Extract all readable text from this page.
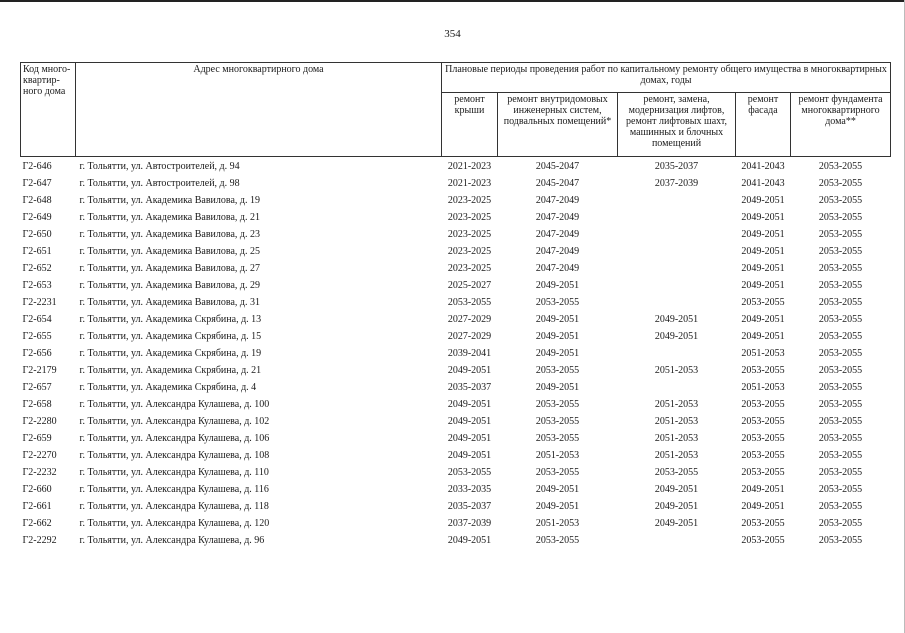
354
Код много-квартир-ного дома	Адрес многоквартирного дома	Плановые периоды проведения работ по капитальному ремонту общего имущества в многоквартирных домах, годы				
		ремонт крыши	ремонт внутридомовых инженерных систем, подвальных помещений*	ремонт, замена, модернизация лифтов, ремонт лифтовых шахт, машинных и блочных помещений	ремонт фасада	ремонт фундамента многоквартирного дома**
Г2-646	г. Тольятти, ул. Автостроителей, д. 94	2021-2023	2045-2047	2035-2037	2041-2043	2053-2055
Г2-647	г. Тольятти, ул. Автостроителей, д. 98	2021-2023	2045-2047	2037-2039	2041-2043	2053-2055
Г2-648	г. Тольятти, ул. Академика Вавилова, д. 19	2023-2025	2047-2049		2049-2051	2053-2055
Г2-649	г. Тольятти, ул. Академика Вавилова, д. 21	2023-2025	2047-2049		2049-2051	2053-2055
Г2-650	г. Тольятти, ул. Академика Вавилова, д. 23	2023-2025	2047-2049		2049-2051	2053-2055
Г2-651	г. Тольятти, ул. Академика Вавилова, д. 25	2023-2025	2047-2049		2049-2051	2053-2055
Г2-652	г. Тольятти, ул. Академика Вавилова, д. 27	2023-2025	2047-2049		2049-2051	2053-2055
Г2-653	г. Тольятти, ул. Академика Вавилова, д. 29	2025-2027	2049-2051		2049-2051	2053-2055
Г2-2231	г. Тольятти, ул. Академика Вавилова, д. 31	2053-2055	2053-2055		2053-2055	2053-2055
Г2-654	г. Тольятти, ул. Академика Скрябина, д. 13	2027-2029	2049-2051	2049-2051	2049-2051	2053-2055
Г2-655	г. Тольятти, ул. Академика Скрябина, д. 15	2027-2029	2049-2051	2049-2051	2049-2051	2053-2055
Г2-656	г. Тольятти, ул. Академика Скрябина, д. 19	2039-2041	2049-2051		2051-2053	2053-2055
Г2-2179	г. Тольятти, ул. Академика Скрябина, д. 21	2049-2051	2053-2055	2051-2053	2053-2055	2053-2055
Г2-657	г. Тольятти, ул. Академика Скрябина, д. 4	2035-2037	2049-2051		2051-2053	2053-2055
Г2-658	г. Тольятти, ул. Александра Кулашева, д. 100	2049-2051	2053-2055	2051-2053	2053-2055	2053-2055
Г2-2280	г. Тольятти, ул. Александра Кулашева, д. 102	2049-2051	2053-2055	2051-2053	2053-2055	2053-2055
Г2-659	г. Тольятти, ул. Александра Кулашева, д. 106	2049-2051	2053-2055	2051-2053	2053-2055	2053-2055
Г2-2270	г. Тольятти, ул. Александра Кулашева, д. 108	2049-2051	2051-2053	2051-2053	2053-2055	2053-2055
Г2-2232	г. Тольятти, ул. Александра Кулашева, д. 110	2053-2055	2053-2055	2053-2055	2053-2055	2053-2055
Г2-660	г. Тольятти, ул. Александра Кулашева, д. 116	2033-2035	2049-2051	2049-2051	2049-2051	2053-2055
Г2-661	г. Тольятти, ул. Александра Кулашева, д. 118	2035-2037	2049-2051	2049-2051	2049-2051	2053-2055
Г2-662	г. Тольятти, ул. Александра Кулашева, д. 120	2037-2039	2051-2053	2049-2051	2053-2055	2053-2055
Г2-2292	г. Тольятти, ул. Александра Кулашева, д. 96	2049-2051	2053-2055		2053-2055	2053-2055
